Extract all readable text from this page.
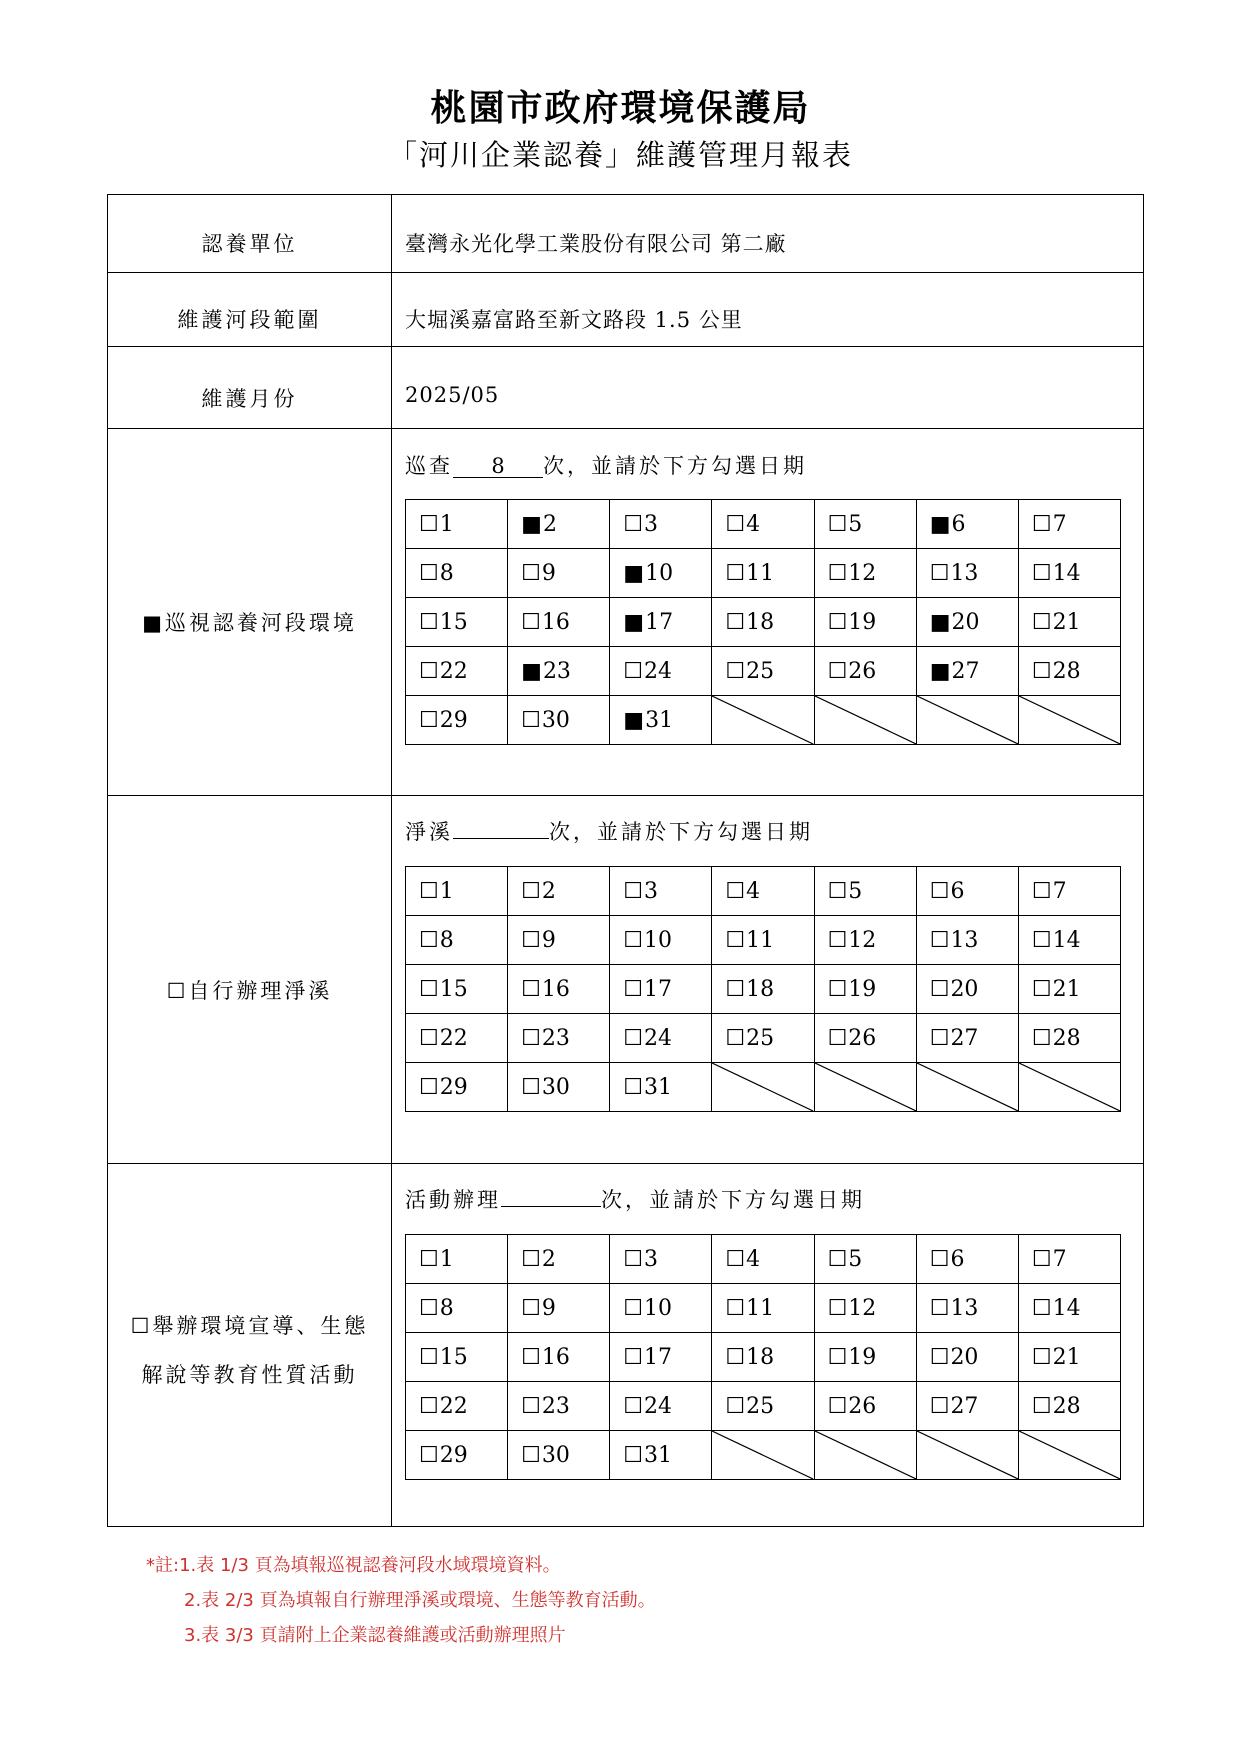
桃園市政府環境保護局
「河川企業認養」維護管理月報表
認養單位	臺灣永光化學工業股份有限公司 第二廠
維護河段範圍	大堀溪嘉富路至新文路段 1.5 公里
維護月份	2025/05
■巡視認養河段環境
巡查 8 次，並請於下方勾選日期
☐1	■2	☐3	☐4	☐5	■6	☐7
☐8	☐9	■10	☐11	☐12	☐13	☐14
☐15	☐16	■17	☐18	☐19	■20	☐21
☐22	■23	☐24	☐25	☐26	■27	☐28
☐29	☐30	■31	

☐自行辦理淨溪
淨溪	次，並請於下方勾選日期
☐1	☐2	☐3	☐4	☐5	☐6	☐7
☐8	☐9	☐10	☐11	☐12	☐13	☐14
☐15	☐16	☐17	☐18	☐19	☐20	☐21
☐22	☐23	☐24	☐25	☐26	☐27	☐28
☐29	☐30	☐31	

☐舉辦環境宣導、生態
解說等教育性質活動
活動辦理	次，並請於下方勾選日期
☐1	☐2	☐3	☐4	☐5	☐6	☐7
☐8	☐9	☐10	☐11	☐12	☐13	☐14
☐15	☐16	☐17	☐18	☐19	☐20	☐21
☐22	☐23	☐24	☐25	☐26	☐27	☐28
☐29	☐30	☐31	

*註:1.表 1/3 頁為填報巡視認養河段水域環境資料。
2.表 2/3 頁為填報自行辦理淨溪或環境、生態等教育活動。
3.表 3/3 頁請附上企業認養維護或活動辦理照片
